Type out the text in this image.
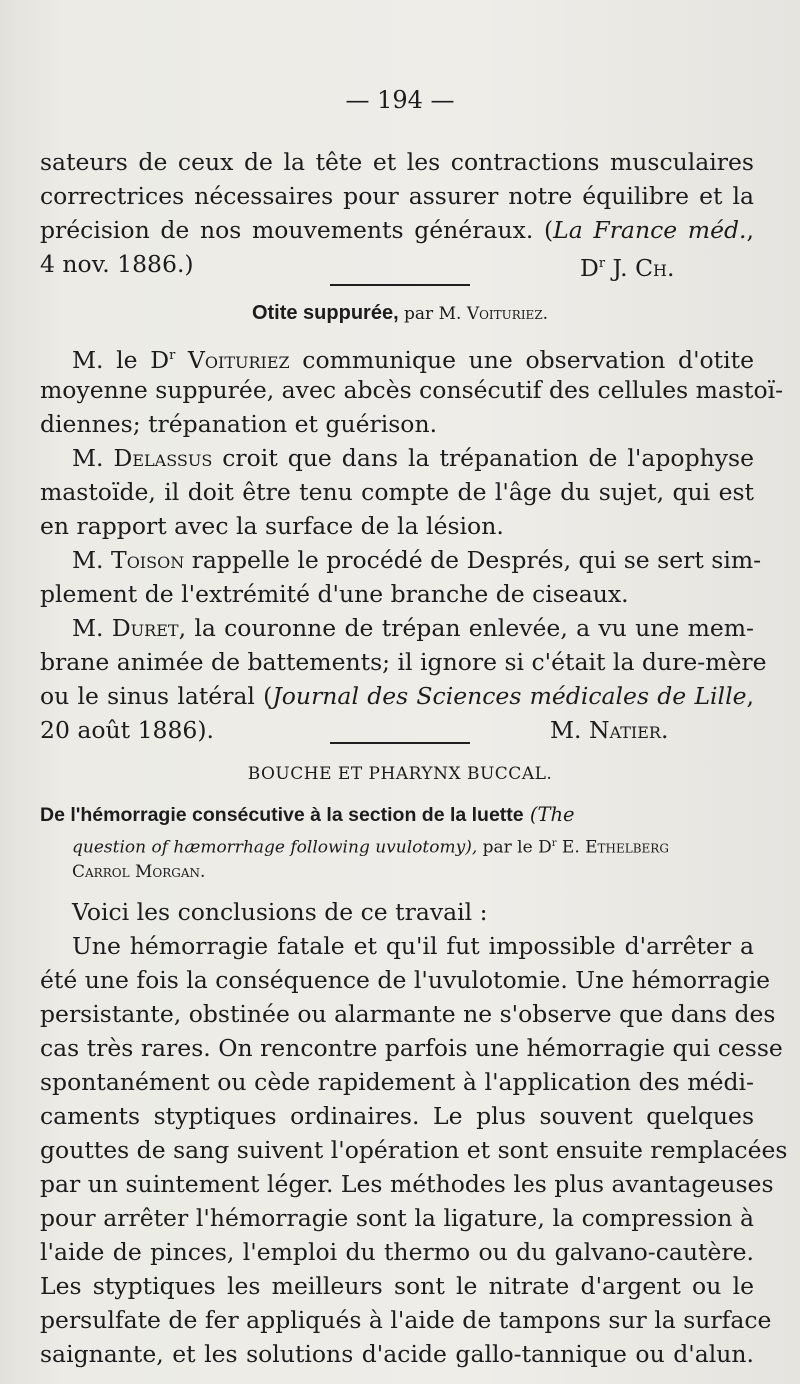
— 194 —
sateurs de ceux de la tête et les contractions musculaires
correctrices nécessaires pour assurer notre équilibre et la
précision de nos mouvements généraux. (La France méd.,
4 nov. 1886.)	$D^r$ J. Ch.
Otite suppurée, par M. Voituriez.
M. le $D^r$ Voituriez communique une observation d'otite
moyenne suppurée, avec abcès consécutif des cellules mastoï-
diennes; trépanation et guérison.
M. Delassus croit que dans la trépanation de l'apophyse
mastoïde, il doit être tenu compte de l'âge du sujet, qui est
en rapport avec la surface de la lésion.
M. Toison rappelle le procédé de Després, qui se sert sim-
plement de l'extrémité d'une branche de ciseaux.
M. Duret, la couronne de trépan enlevée, a vu une mem-
brane animée de battements; il ignore si c'était la dure-mère
ou le sinus latéral (Journal des Sciences médicales de Lille,
20 août 1886).	M. Natier.
BOUCHE ET PHARYNX BUCCAL.
De l'hémorragie consécutive à la section de la luette (The
question of hæmorrhage following uvulotomy), par le $D^r$ E. Ethelberg
Carrol Morgan.
Voici les conclusions de ce travail :
Une hémorragie fatale et qu'il fut impossible d'arrêter a
été une fois la conséquence de l'uvulotomie. Une hémorragie
persistante, obstinée ou alarmante ne s'observe que dans des
cas très rares. On rencontre parfois une hémorragie qui cesse
spontanément ou cède rapidement à l'application des médi-
caments styptiques ordinaires. Le plus souvent quelques
gouttes de sang suivent l'opération et sont ensuite remplacées
par un suintement léger. Les méthodes les plus avantageuses
pour arrêter l'hémorragie sont la ligature, la compression à
l'aide de pinces, l'emploi du thermo ou du galvano-cautère.
Les styptiques les meilleurs sont le nitrate d'argent ou le
persulfate de fer appliqués à l'aide de tampons sur la surface
saignante, et les solutions d'acide gallo-tannique ou d'alun.
